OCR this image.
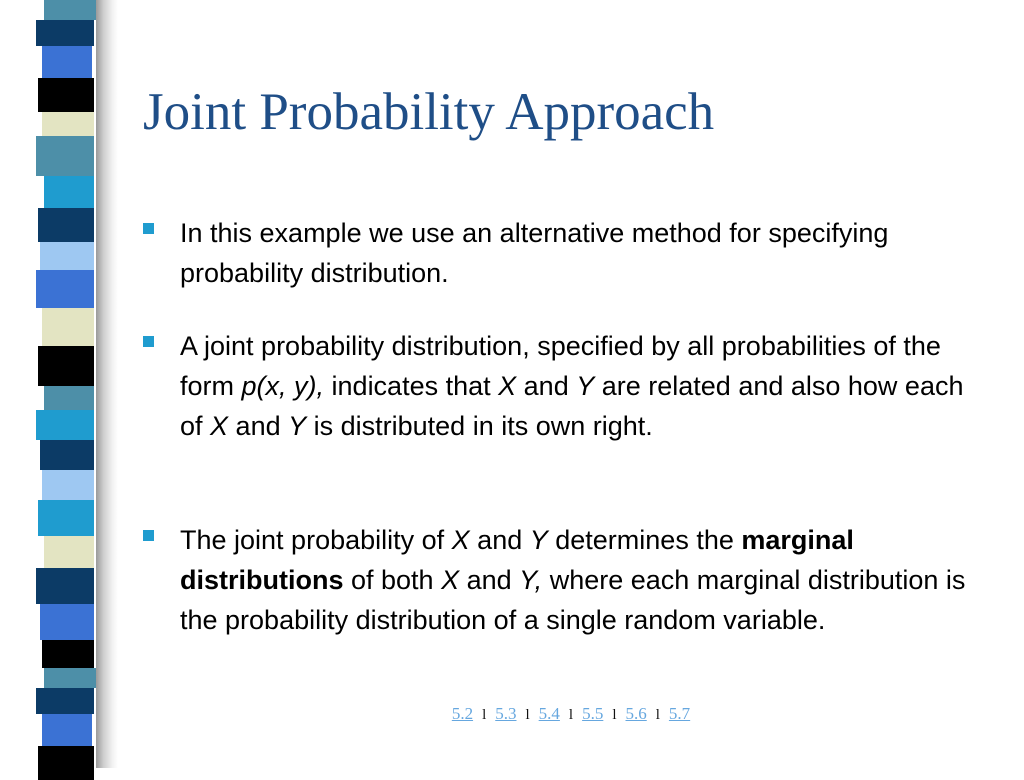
Joint Probability Approach
In this example we use an alternative method for specifying probability distribution.
A joint probability distribution, specified by all probabilities of the form p(x, y), indicates that X and Y are related and also how each of X and Y is distributed in its own right.
The joint probability of X and Y determines the marginal distributions of both X and Y, where each marginal distribution is the probability distribution of a single random variable.
5.2 l 5.3 l 5.4 l 5.5 l 5.6 l 5.7
